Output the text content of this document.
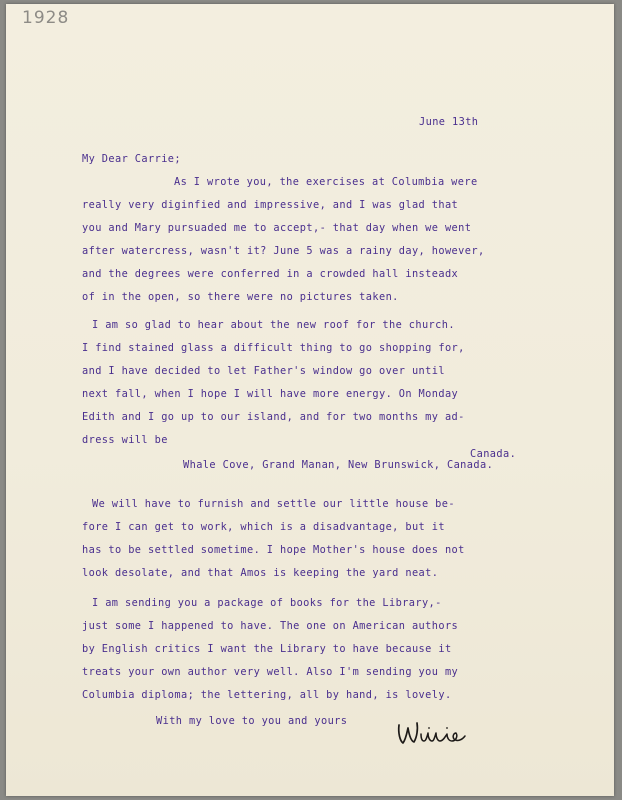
1928
June 13th
My Dear Carrie;
As I wrote you, the exercises at Columbia were
really very diginfied and impressive, and I was glad that
you and Mary pursuaded me to accept,- that day when we went
after watercress, wasn't it? June 5 was a rainy day, however,
and the degrees were conferred in a crowded hall insteadx
of in the open, so there were no pictures taken.
I am so glad to hear about the new roof for the church.
I find stained glass a difficult thing to go shopping for,
and I have decided to let Father's window go over until
next fall, when I hope I will have more energy. On Monday
Edith and I go up to our island, and for two months my ad-
dress will be
Canada.
Whale Cove, Grand Manan, New Brunswick, Canada.
We will have to furnish and settle our little house be-
fore I can get to work, which is a disadvantage, but it
has to be settled sometime. I hope Mother's house does not
look desolate, and that Amos is keeping the yard neat.
I am sending you a package of books for the Library,-
just some I happened to have. The one on American authors
by English critics I want the Library to have because it
treats your own author very well. Also I'm sending you my
Columbia diploma; the lettering, all by hand, is lovely.
With my love to you and yours
